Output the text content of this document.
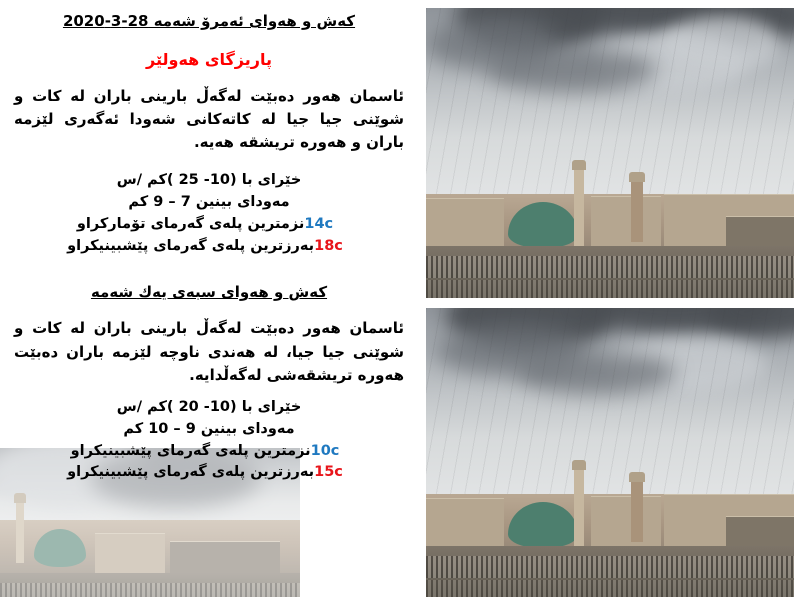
كه‌ش و هه‌واى ئه‌مرۆ شه‌مه‌ 28-3-2020
پاریزگای هه‌ولێر
ئاسمان هه‌ور ده‌بێت له‌گه‌ڵ بارینی باران له‌ كات و شوێنی جیا جیا له‌ كاته‌كانی شه‌ودا ئه‌گه‌ری لێزمه‌ باران و هه‌وره‌ تریشقه‌ هه‌یه‌.
خێرای با (10- 25 )كم /س
مه‌ودای بینین 7 – 9 كم
نزمترین پله‌ی گه‌رمای تۆمارکراو 14c
به‌رزترین پله‌ی گه‌رمای پێشبینیكراو 18c
كه‌ش و هه‌وای سبه‌ی یه‌ك شه‌مه‌
ئاسمان هه‌ور ده‌بێت له‌گه‌ڵ بارینی باران له‌ كات و شوێنی جیا جیا، له‌ هه‌ندی ناوچه‌ لێزمه‌ باران ده‌بێت هه‌وره‌ تریشقه‌شی له‌گه‌ڵدایه‌.
خێرای با (10- 20 )كم /س
مه‌ودای بینین 9 – 10 كم
نزمترین پله‌ی گه‌رمای پێشبینیكراو 10c
به‌رزترین پله‌ی گه‌رمای پێشبینیكراو 15c
